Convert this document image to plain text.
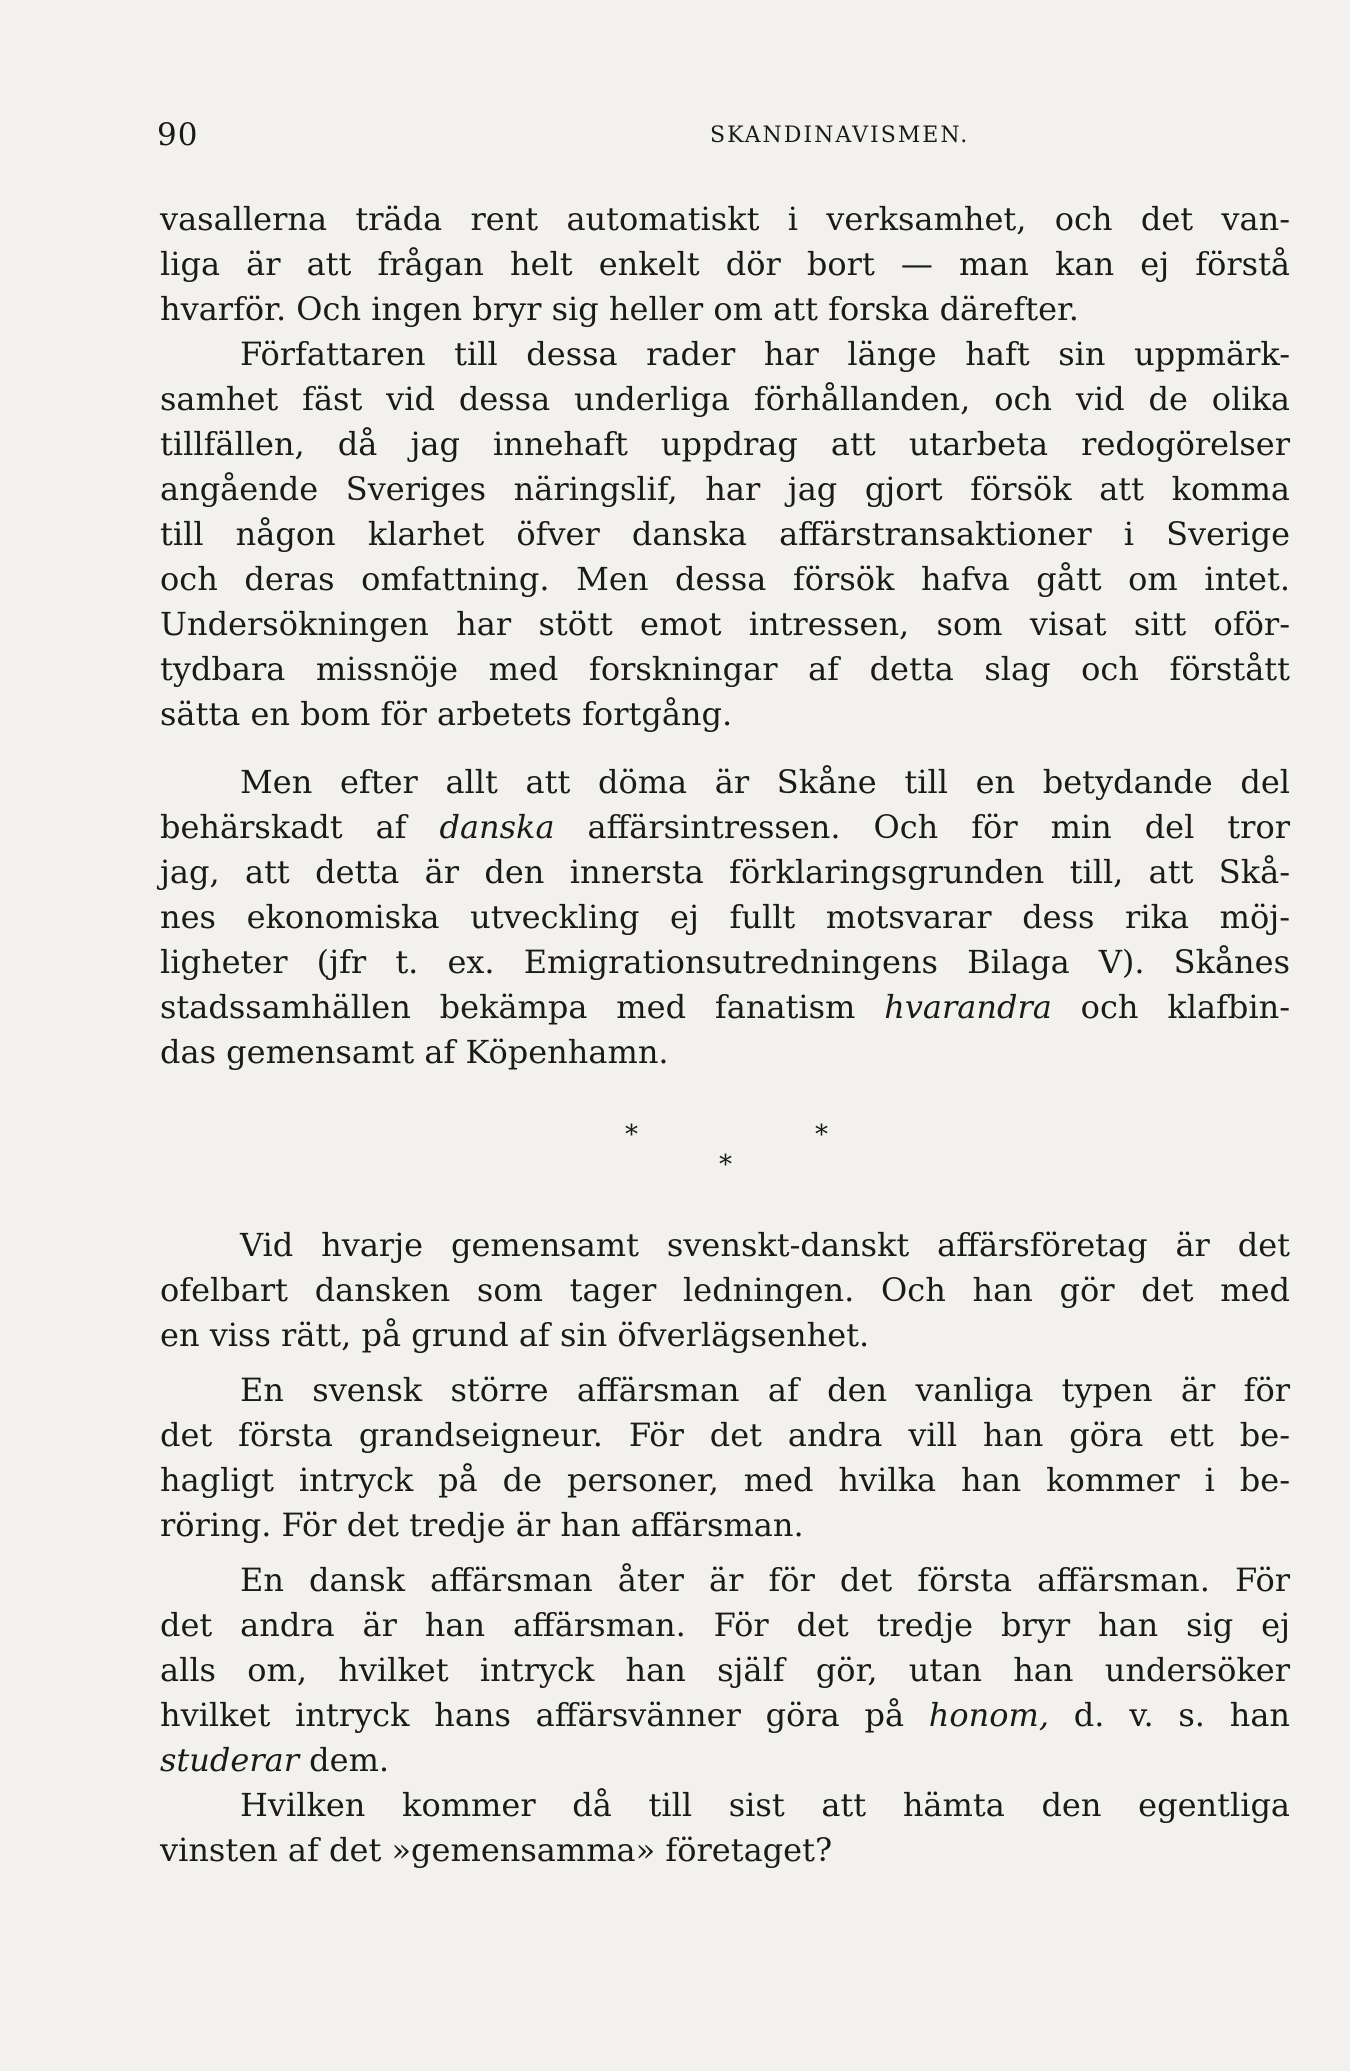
90	SKANDINAVISMEN.
vasallerna träda rent automatiskt i verksamhet, och det van-
liga är att frågan helt enkelt dör bort — man kan ej förstå
hvarför. Och ingen bryr sig heller om att forska därefter.
Författaren till dessa rader har länge haft sin uppmärk-
samhet fäst vid dessa underliga förhållanden, och vid de olika
tillfällen, då jag innehaft uppdrag att utarbeta redogörelser
angående Sveriges näringslif, har jag gjort försök att komma
till någon klarhet öfver danska affärstransaktioner i Sverige
och deras omfattning. Men dessa försök hafva gått om intet.
Undersökningen har stött emot intressen, som visat sitt oför-
tydbara missnöje med forskningar af detta slag och förstått
sätta en bom för arbetets fortgång.
Men efter allt att döma är Skåne till en betydande del
behärskadt af danska affärsintressen. Och för min del tror
jag, att detta är den innersta förklaringsgrunden till, att Skå-
nes ekonomiska utveckling ej fullt motsvarar dess rika möj-
ligheter (jfr t. ex. Emigrationsutredningens Bilaga V). Skånes
stadssamhällen bekämpa med fanatism hvarandra och klafbin-
das gemensamt af Köpenhamn.
*	*
*
Vid hvarje gemensamt svenskt-danskt affärsföretag är det
ofelbart dansken som tager ledningen. Och han gör det med
en viss rätt, på grund af sin öfverlägsenhet.
En svensk större affärsman af den vanliga typen är för
det första grandseigneur. För det andra vill han göra ett be-
hagligt intryck på de personer, med hvilka han kommer i be-
röring. För det tredje är han affärsman.
En dansk affärsman åter är för det första affärsman. För
det andra är han affärsman. För det tredje bryr han sig ej
alls om, hvilket intryck han själf gör, utan han undersöker
hvilket intryck hans affärsvänner göra på honom, d. v. s. han
studerar dem.
Hvilken kommer då till sist att hämta den egentliga
vinsten af det »gemensamma» företaget?
